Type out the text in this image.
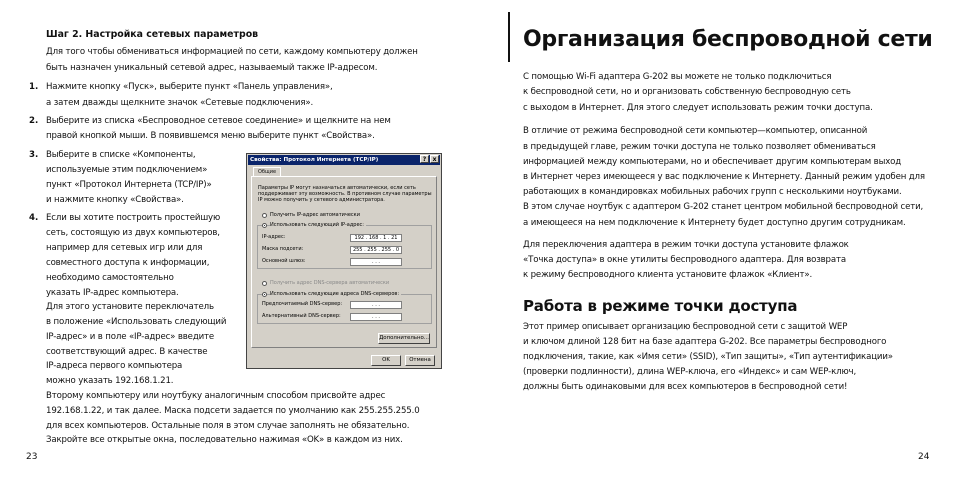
Шаг 2. Настройка сетевых параметров
Для того чтобы обмениваться информацией по сети, каждому компьютеру должен
быть назначен уникальный сетевой адрес, называемый также IP-адресом.
1. Нажмите кнопку «Пуск», выберите пункт «Панель управления»,
а затем дважды щелкните значок «Сетевые подключения».
2. Выберите из списка «Беспроводное сетевое соединение» и щелкните на нем
правой кнопкой мыши. В появившемся меню выберите пункт «Свойства».
3. Выберите в списке «Компоненты,
используемые этим подключением»
пункт «Протокол Интернета (TCP/IP)»
и нажмите кнопку «Свойства».
4. Если вы хотите построить простейшую
сеть, состоящую из двух компьютеров,
например для сетевых игр или для
совместного доступа к информации,
необходимо самостоятельно
указать IP-адрес компьютера.
Для этого установите переключатель
в положение «Использовать следующий
IP-адрес» и в поле «IP-адрес» введите
соответствующий адрес. В качестве
IP-адреса первого компьютера
можно указать 192.168.1.21.
Второму компьютеру или ноутбуку аналогичным способом присвойте адрес
192.168.1.22, и так далее. Маска подсети задается по умолчанию как 255.255.255.0
для всех компьютеров. Остальные поля в этом случае заполнять не обязательно.
Закройте все открытые окна, последовательно нажимая «OK» в каждом из них.
23
Свойства: Протокол Интернета (TCP/IP)	?	x
Общие
Параметры IP могут назначаться автоматически, если сеть
поддерживает эту возможность. В противном случае параметры
IP можно получить у сетевого администратора.
Получить IP-адрес автоматически
Использовать следующий IP-адрес:
IP-адрес:	192 . 168 . 1 . 21
Маска подсети:	255 . 255 . 255 . 0
Основной шлюз:	. . .
Получить адрес DNS-сервера автоматически
Использовать следующие адреса DNS-серверов:
Предпочитаемый DNS-сервер:	. . .
Альтернативный DNS-сервер:	. . .
Дополнительно...
OK	Отмена
Организация беспроводной сети
С помощью Wi-Fi адаптера G-202 вы можете не только подключиться
к беспроводной сети, но и организовать собственную беспроводную сеть
с выходом в Интернет. Для этого следует использовать режим точки доступа.
В отличие от режима беспроводной сети компьютер—компьютер, описанной
в предыдущей главе, режим точки доступа не только позволяет обмениваться
информацией между компьютерами, но и обеспечивает другим компьютерам выход
в Интернет через имеющееся у вас подключение к Интернету. Данный режим удобен для
работающих в командировках мобильных рабочих групп с несколькими ноутбуками.
В этом случае ноутбук с адаптером G-202 станет центром мобильной беспроводной сети,
а имеющееся на нем подключение к Интернету будет доступно другим сотрудникам.
Для переключения адаптера в режим точки доступа установите флажок
«Точка доступа» в окне утилиты беспроводного адаптера. Для возврата
к режиму беспроводного клиента установите флажок «Клиент».
Работа в режиме точки доступа
Этот пример описывает организацию беспроводной сети с защитой WEP
и ключом длиной 128 бит на базе адаптера G-202. Все параметры беспроводного
подключения, такие, как «Имя сети» (SSID), «Тип защиты», «Тип аутентификации»
(проверки подлинности), длина WEP-ключа, его «Индекс» и сам WEP-ключ,
должны быть одинаковыми для всех компьютеров в беспроводной сети!
24
